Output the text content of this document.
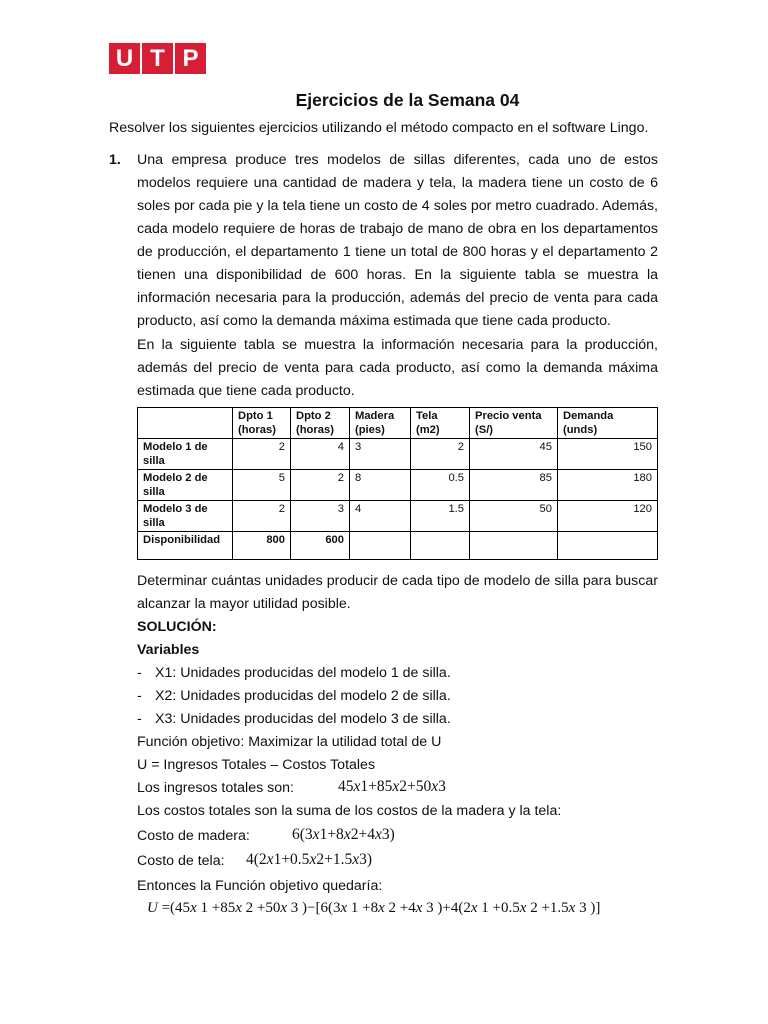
U T P
Ejercicios de la Semana 04
Resolver los siguientes ejercicios utilizando el método compacto en el software Lingo.
1. Una empresa produce tres modelos de sillas diferentes, cada uno de estos
modelos requiere una cantidad de madera y tela, la madera tiene un costo de 6
soles por cada pie y la tela tiene un costo de 4 soles por metro cuadrado. Además,
cada modelo requiere de horas de trabajo de mano de obra en los departamentos
de producción, el departamento 1 tiene un total de 800 horas y el departamento 2
tienen una disponibilidad de 600 horas. En la siguiente tabla se muestra la
información necesaria para la producción, además del precio de venta para cada
producto, así como la demanda máxima estimada que tiene cada producto.
En la siguiente tabla se muestra la información necesaria para la producción,
además del precio de venta para cada producto, así como la demanda máxima
estimada que tiene cada producto.
	Dpto 1
(horas)	Dpto 2
(horas)	Madera
(pies)	Tela
(m2)	Precio venta
(S/)	Demanda
(unds)
Modelo 1 de
silla	2	4	3	2	45	150
Modelo 2 de
silla	5	2	8	0.5	85	180
Modelo 3 de
silla	2	3	4	1.5	50	120
Disponibilidad	800	600				
Determinar cuántas unidades producir de cada tipo de modelo de silla para buscar
alcanzar la mayor utilidad posible.
SOLUCIÓN:
Variables
- X1: Unidades producidas del modelo 1 de silla.
- X2: Unidades producidas del modelo 2 de silla.
- X3: Unidades producidas del modelo 3 de silla.
Función objetivo: Maximizar la utilidad total de U
U = Ingresos Totales – Costos Totales
Los ingresos totales son:	45x1+85x2+50x3
Los costos totales son la suma de los costos de la madera y la tela:
Costo de madera:	6(3x1+8x2+4x3)
Costo de tela: 4(2x1+0.5x2+1.5x3)
Entonces la Función objetivo quedaría:
U =(45x 1 +85x 2 +50x 3 )−[6(3x 1 +8x 2 +4x 3 )+4(2x 1 +0.5x 2 +1.5x 3 )]
